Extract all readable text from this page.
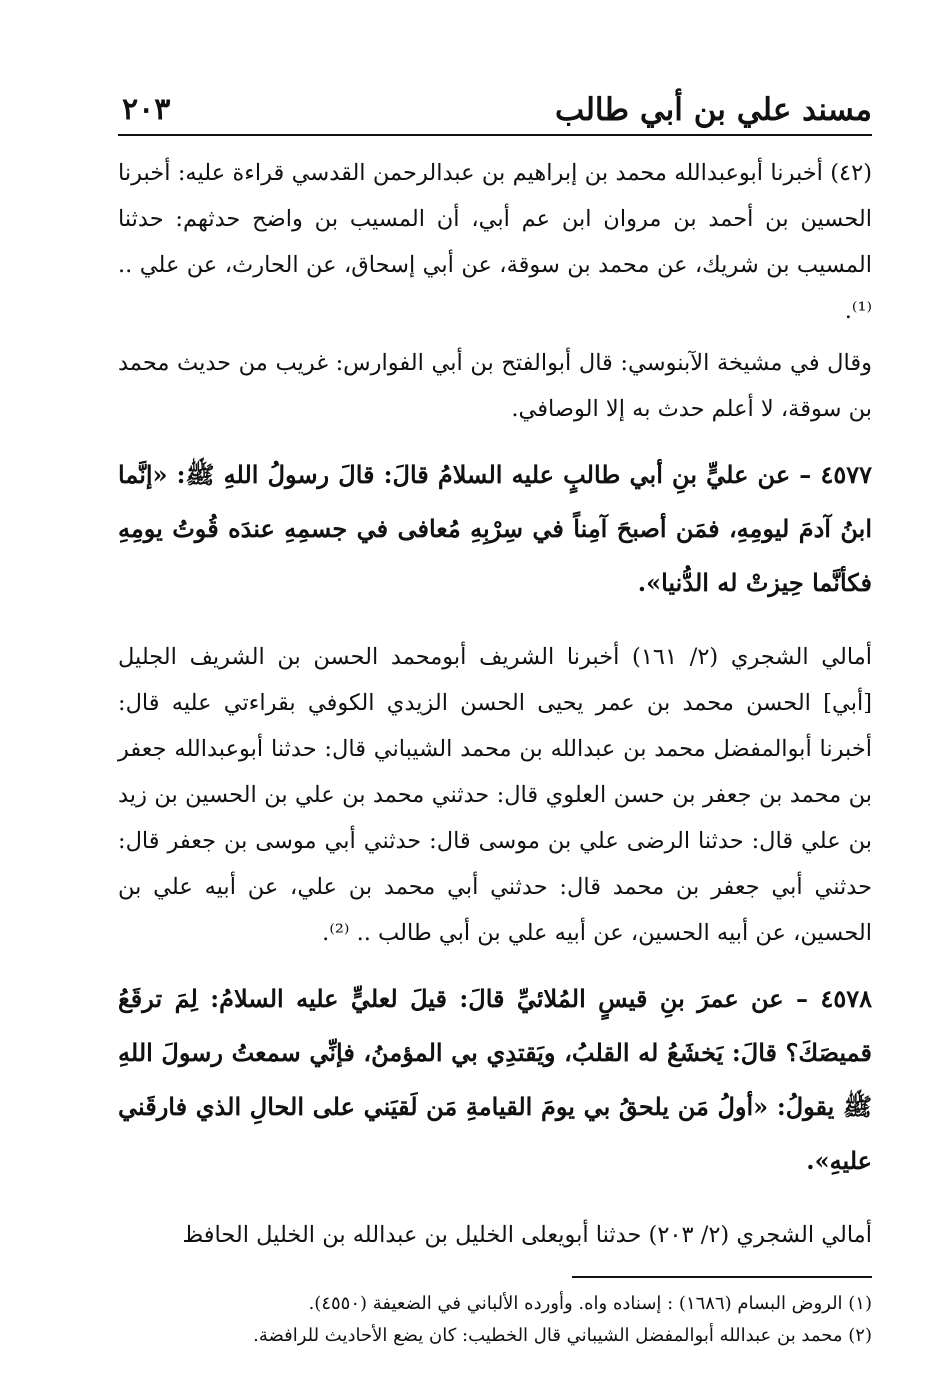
مسند علي بن أبي طالب
٢٠٣

(٤٢) أخبرنا أبوعبدالله محمد بن إبراهيم بن عبدالرحمن القدسي قراءة عليه: أخبرنا الحسين بن أحمد بن مروان ابن عم أبي، أن المسيب بن واضح حدثهم: حدثنا المسيب بن شريك، عن محمد بن سوقة، عن أبي إسحاق، عن الحارث، عن علي .. ⁽¹⁾.

وقال في مشيخة الآبنوسي: قال أبوالفتح بن أبي الفوارس: غريب من حديث محمد بن سوقة، لا أعلم حدث به إلا الوصافي.

٤٥٧٧ – عن عليٍّ بنِ أبي طالبٍ عليه السلامُ قالَ: قالَ رسولُ اللهِ ﷺ: «إنَّما ابنُ آدمَ ليومِهِ، فمَن أصبحَ آمِناً في سِرْبِهِ مُعافى في جسمِهِ عندَه قُوتُ يومِهِ فكأنَّما حِيزتْ له الدُّنيا».

أمالي الشجري (٢/ ١٦١) أخبرنا الشريف أبومحمد الحسن بن الشريف الجليل [أبي] الحسن محمد بن عمر يحيى الحسن الزيدي الكوفي بقراءتي عليه قال: أخبرنا أبوالمفضل محمد بن عبدالله بن محمد الشيباني قال: حدثنا أبوعبدالله جعفر بن محمد بن جعفر بن حسن العلوي قال: حدثني محمد بن علي بن الحسين بن زيد بن علي قال: حدثنا الرضى علي بن موسى قال: حدثني أبي موسى بن جعفر قال: حدثني أبي جعفر بن محمد قال: حدثني أبي محمد بن علي، عن أبيه علي بن الحسين، عن أبيه الحسين، عن أبيه علي بن أبي طالب .. ⁽²⁾.

٤٥٧٨ – عن عمرَ بنِ قيسٍ المُلائيِّ قالَ: قيلَ لعليٍّ عليه السلامُ: لِمَ ترقَعُ قميصَكَ؟ قالَ: يَخشَعُ له القلبُ، ويَقتدِي بي المؤمنُ، فإنِّي سمعتُ رسولَ اللهِ ﷺ يقولُ: «أولُ مَن يلحقُ بي يومَ القيامةِ مَن لَقيَني على الحالِ الذي فارقَني عليهِ».

أمالي الشجري (٢/ ٢٠٣) حدثنا أبويعلى الخليل بن عبدالله بن الخليل الحافظ

(١) الروض البسام (١٦٨٦) : إسناده واه. وأورده الألباني في الضعيفة (٤٥٥٠).

(٢) محمد بن عبدالله أبوالمفضل الشيباني قال الخطيب: كان يضع الأحاديث للرافضة.
